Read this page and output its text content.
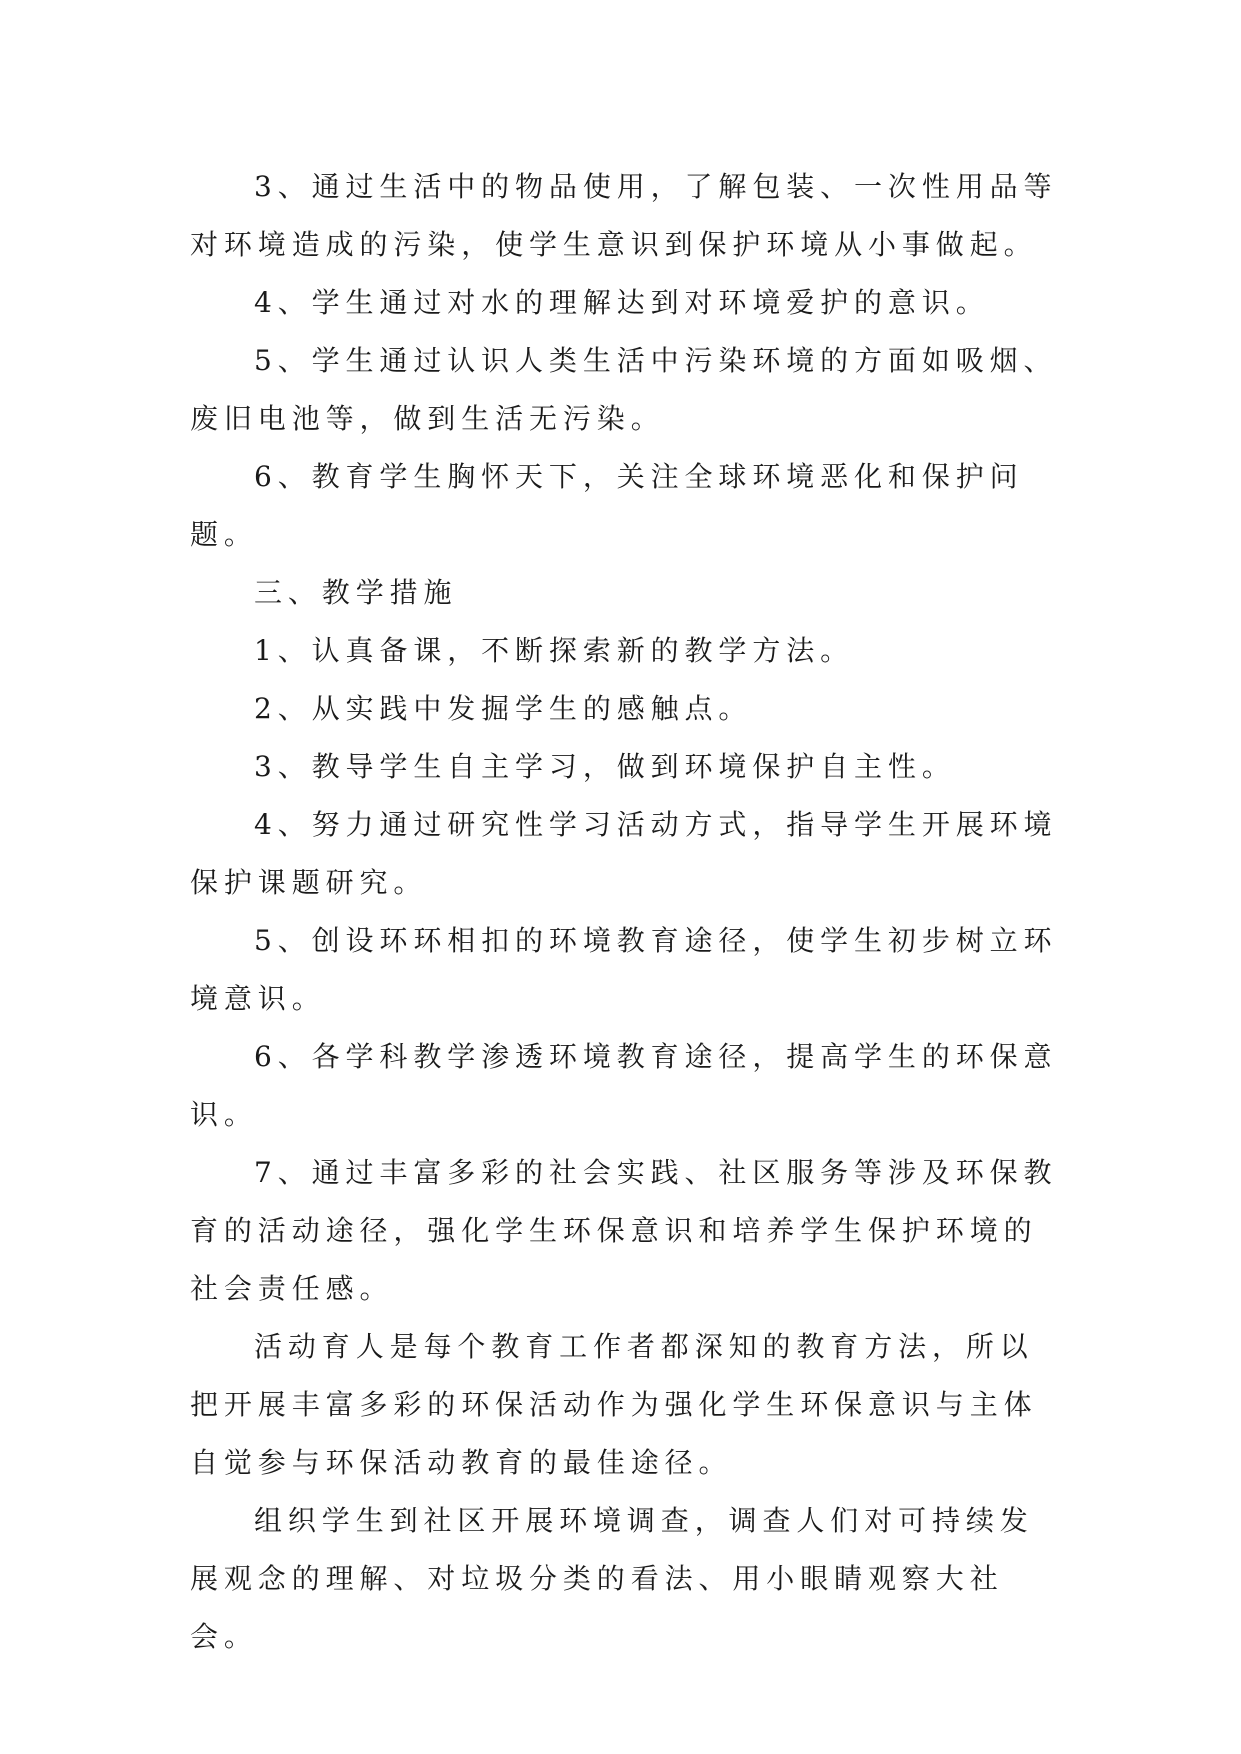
3、通过生活中的物品使用，了解包装、一次性用品等对环境造成的污染，使学生意识到保护环境从小事做起。

4、学生通过对水的理解达到对环境爱护的意识。

5、学生通过认识人类生活中污染环境的方面如吸烟、废旧电池等，做到生活无污染。

6、教育学生胸怀天下，关注全球环境恶化和保护问题。

三、教学措施

1、认真备课，不断探索新的教学方法。

2、从实践中发掘学生的感触点。

3、教导学生自主学习，做到环境保护自主性。

4、努力通过研究性学习活动方式，指导学生开展环境保护课题研究。

5、创设环环相扣的环境教育途径，使学生初步树立环境意识。

6、各学科教学渗透环境教育途径，提高学生的环保意识。

7、通过丰富多彩的社会实践、社区服务等涉及环保教育的活动途径，强化学生环保意识和培养学生保护环境的社会责任感。

活动育人是每个教育工作者都深知的教育方法，所以把开展丰富多彩的环保活动作为强化学生环保意识与主体自觉参与环保活动教育的最佳途径。

组织学生到社区开展环境调查，调查人们对可持续发展观念的理解、对垃圾分类的看法、用小眼睛观察大社会。
